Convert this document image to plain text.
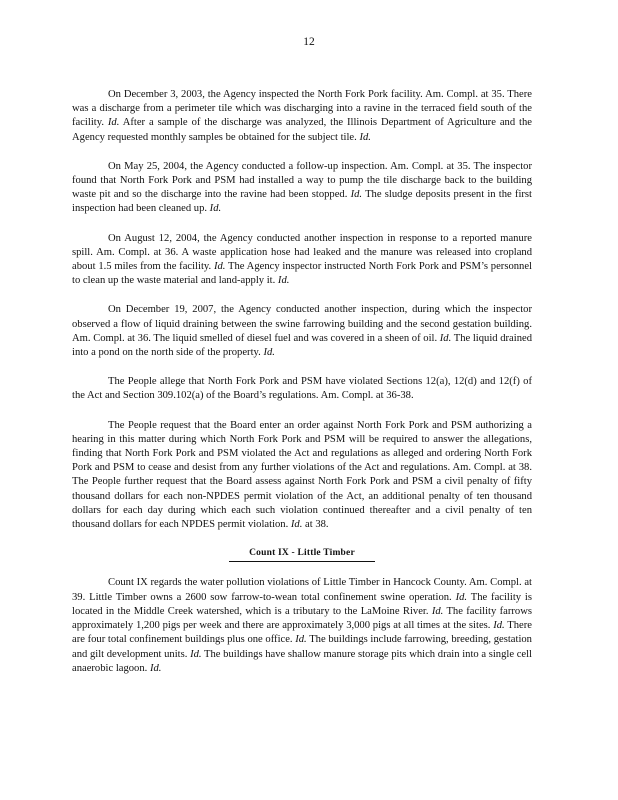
12

On December 3, 2003, the Agency inspected the North Fork Pork facility. Am. Compl. at 35. There was a discharge from a perimeter tile which was discharging into a ravine in the terraced field south of the facility. Id. After a sample of the discharge was analyzed, the Illinois Department of Agriculture and the Agency requested monthly samples be obtained for the subject tile. Id.

On May 25, 2004, the Agency conducted a follow-up inspection. Am. Compl. at 35. The inspector found that North Fork Pork and PSM had installed a way to pump the tile discharge back to the building waste pit and so the discharge into the ravine had been stopped. Id. The sludge deposits present in the first inspection had been cleaned up. Id.

On August 12, 2004, the Agency conducted another inspection in response to a reported manure spill. Am. Compl. at 36. A waste application hose had leaked and the manure was released into cropland about 1.5 miles from the facility. Id. The Agency inspector instructed North Fork Pork and PSM’s personnel to clean up the waste material and land-apply it. Id.

On December 19, 2007, the Agency conducted another inspection, during which the inspector observed a flow of liquid draining between the swine farrowing building and the second gestation building. Am. Compl. at 36. The liquid smelled of diesel fuel and was covered in a sheen of oil. Id. The liquid drained into a pond on the north side of the property. Id.

The People allege that North Fork Pork and PSM have violated Sections 12(a), 12(d) and 12(f) of the Act and Section 309.102(a) of the Board’s regulations. Am. Compl. at 36-38.

The People request that the Board enter an order against North Fork Pork and PSM authorizing a hearing in this matter during which North Fork Pork and PSM will be required to answer the allegations, finding that North Fork Pork and PSM violated the Act and regulations as alleged and ordering North Fork Pork and PSM to cease and desist from any further violations of the Act and regulations. Am. Compl. at 38. The People further request that the Board assess against North Fork Pork and PSM a civil penalty of fifty thousand dollars for each non-NPDES permit violation of the Act, an additional penalty of ten thousand dollars for each day during which each such violation continued thereafter and a civil penalty of ten thousand dollars for each NPDES permit violation. Id. at 38.

Count IX - Little Timber

Count IX regards the water pollution violations of Little Timber in Hancock County. Am. Compl. at 39. Little Timber owns a 2600 sow farrow-to-wean total confinement swine operation. Id. The facility is located in the Middle Creek watershed, which is a tributary to the LaMoine River. Id. The facility farrows approximately 1,200 pigs per week and there are approximately 3,000 pigs at all times at the sites. Id. There are four total confinement buildings plus one office. Id. The buildings include farrowing, breeding, gestation and gilt development units. Id. The buildings have shallow manure storage pits which drain into a single cell anaerobic lagoon. Id.
